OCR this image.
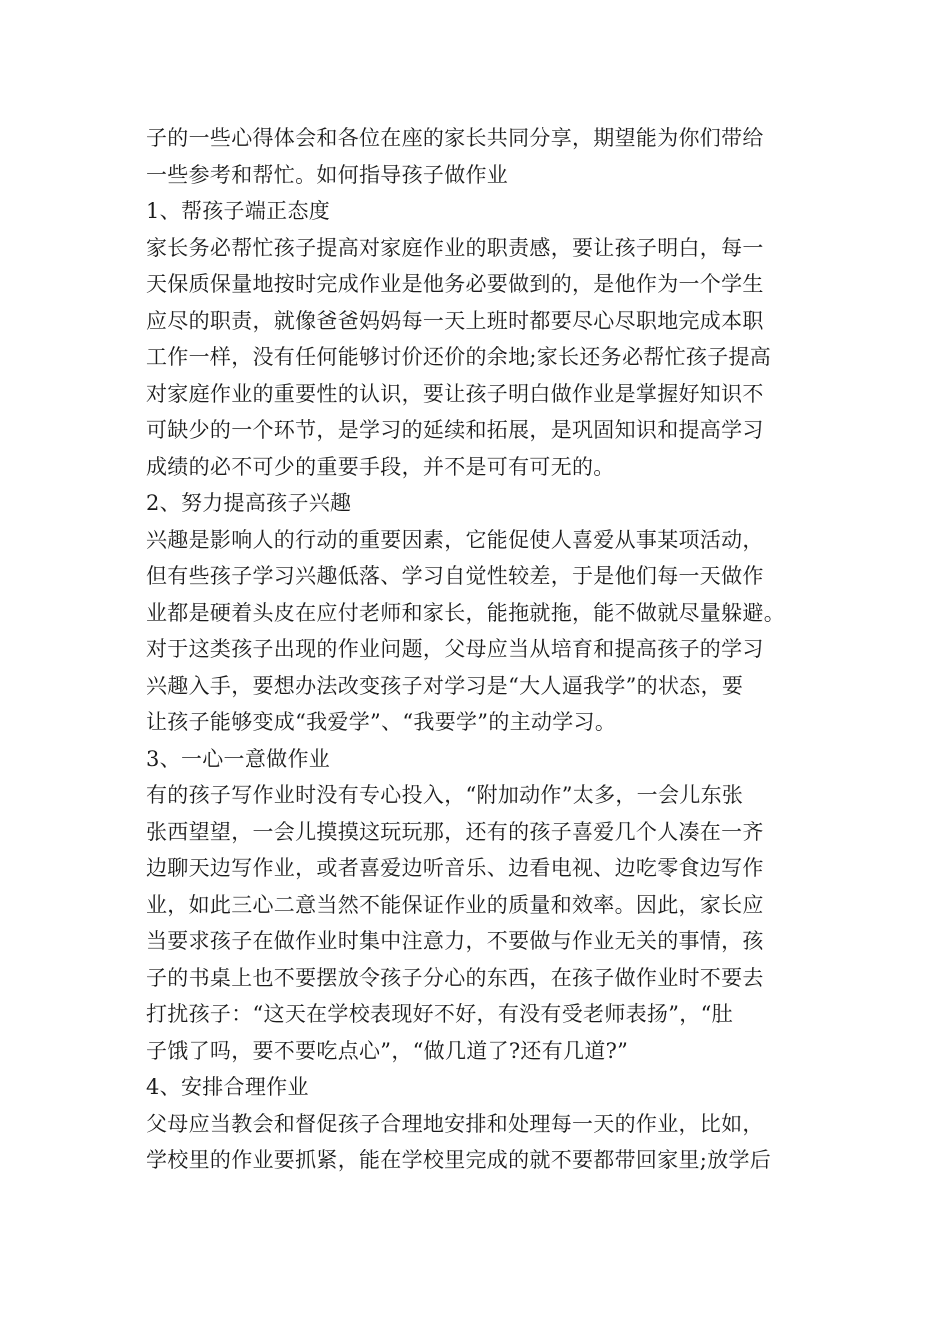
子的一些心得体会和各位在座的家长共同分享，期望能为你们带给
一些参考和帮忙。如何指导孩子做作业
1、帮孩子端正态度
家长务必帮忙孩子提高对家庭作业的职责感，要让孩子明白，每一
天保质保量地按时完成作业是他务必要做到的，是他作为一个学生
应尽的职责，就像爸爸妈妈每一天上班时都要尽心尽职地完成本职
工作一样，没有任何能够讨价还价的余地;家长还务必帮忙孩子提高
对家庭作业的重要性的认识，要让孩子明白做作业是掌握好知识不
可缺少的一个环节，是学习的延续和拓展，是巩固知识和提高学习
成绩的必不可少的重要手段，并不是可有可无的。
2、努力提高孩子兴趣
兴趣是影响人的行动的重要因素，它能促使人喜爱从事某项活动，
但有些孩子学习兴趣低落、学习自觉性较差，于是他们每一天做作
业都是硬着头皮在应付老师和家长，能拖就拖，能不做就尽量躲避。
对于这类孩子出现的作业问题，父母应当从培育和提高孩子的学习
兴趣入手，要想办法改变孩子对学习是“大人逼我学”的状态，要
让孩子能够变成“我爱学”、“我要学”的主动学习。
3、一心一意做作业
有的孩子写作业时没有专心投入，“附加动作”太多，一会儿东张
张西望望，一会儿摸摸这玩玩那，还有的孩子喜爱几个人凑在一齐
边聊天边写作业，或者喜爱边听音乐、边看电视、边吃零食边写作
业，如此三心二意当然不能保证作业的质量和效率。因此，家长应
当要求孩子在做作业时集中注意力，不要做与作业无关的事情，孩
子的书桌上也不要摆放令孩子分心的东西，在孩子做作业时不要去
打扰孩子：“这天在学校表现好不好，有没有受老师表扬”，“肚
子饿了吗，要不要吃点心”，“做几道了?还有几道?”
4、安排合理作业
父母应当教会和督促孩子合理地安排和处理每一天的作业，比如，
学校里的作业要抓紧，能在学校里完成的就不要都带回家里;放学后
